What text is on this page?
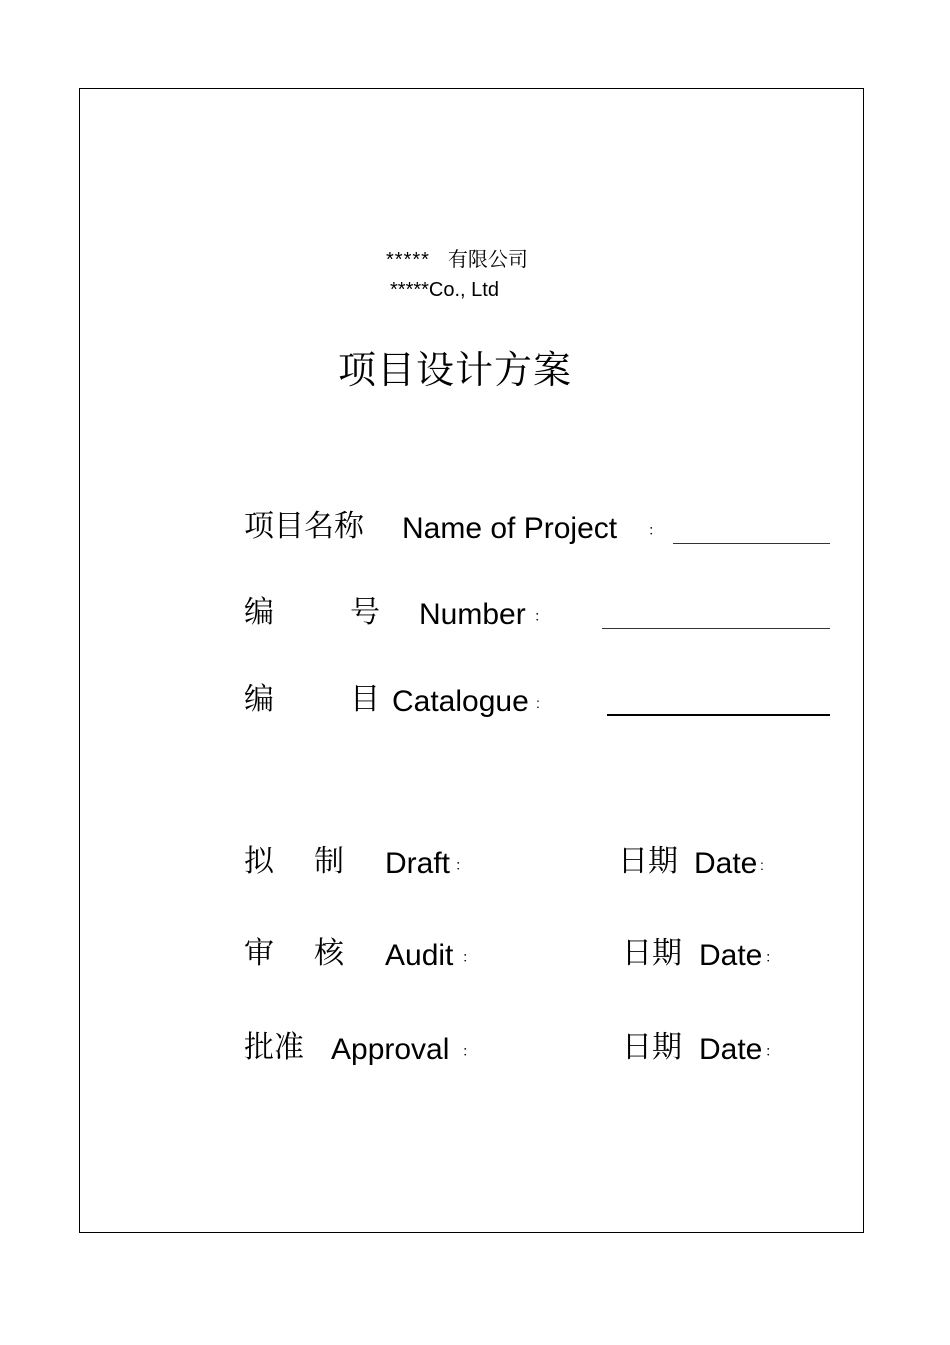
***** 有限公司
*****Co., Ltd
项目设计方案
项目名称 Name of Project ：
编	号 Number ：
编	目 Catalogue :
拟 制 Draft ：	日期 Date :
审 核 Audit ：	日期 Date ：
批准 Approval ：	日期 Date ：
